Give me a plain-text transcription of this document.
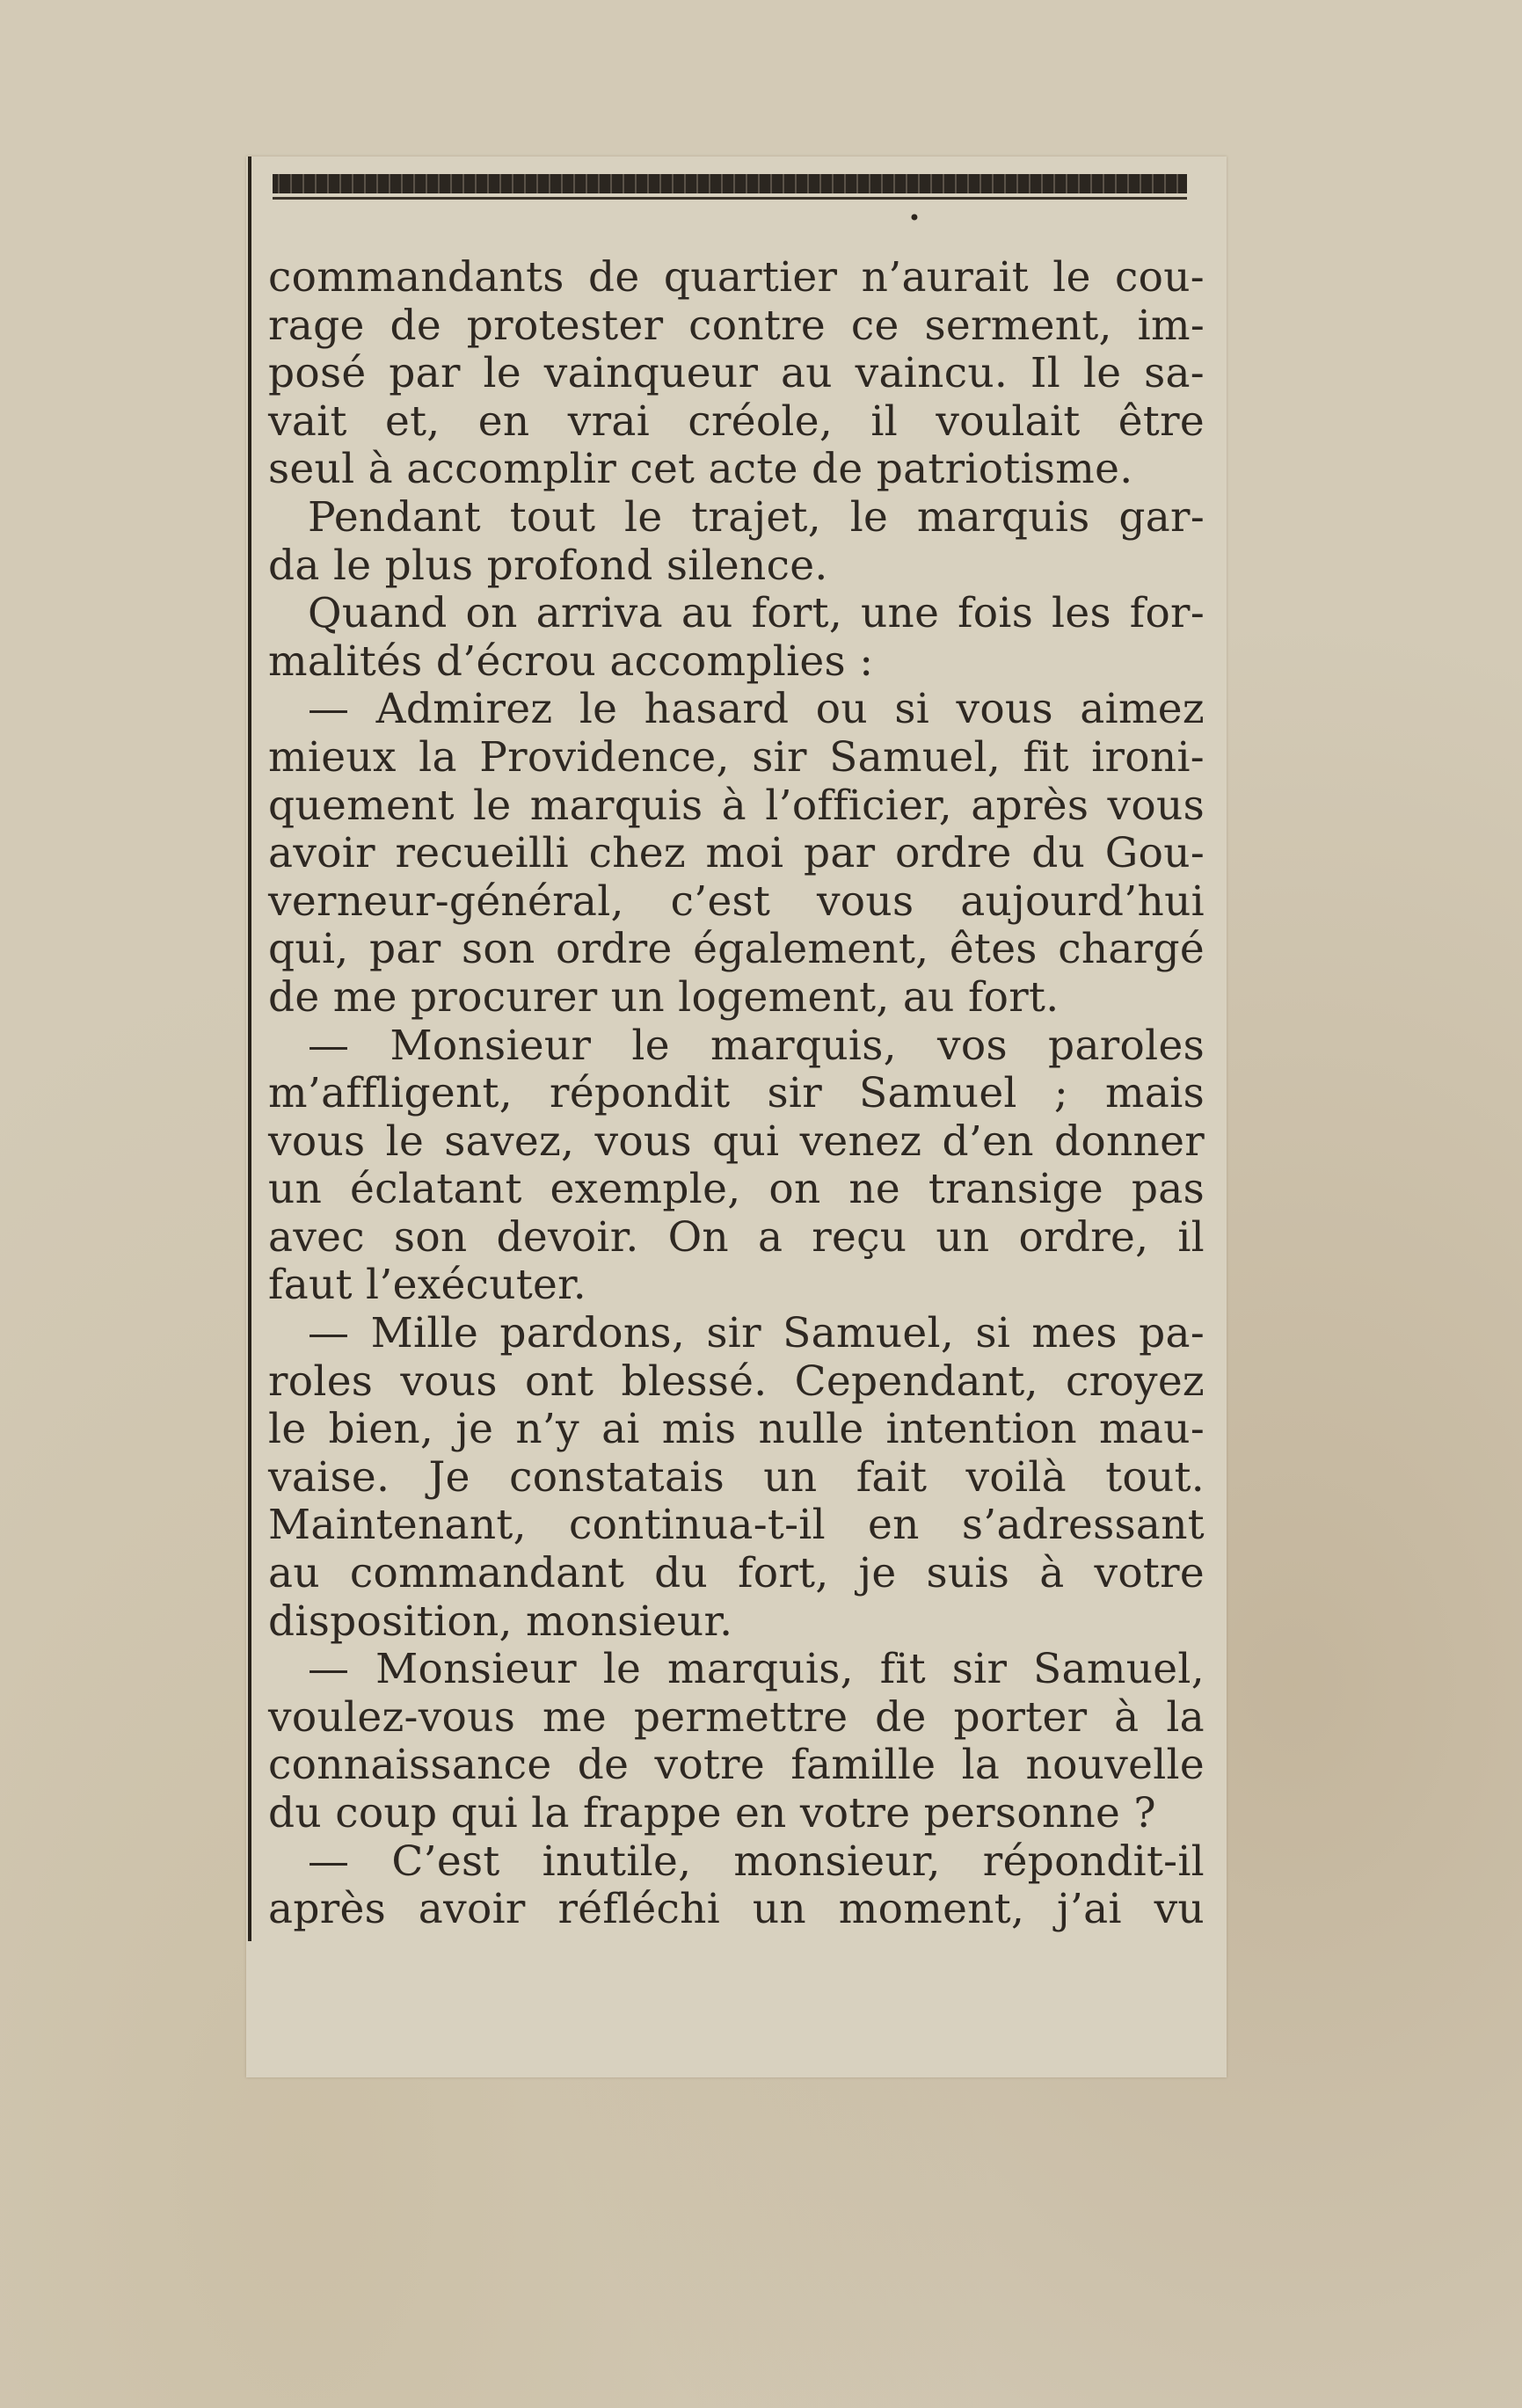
•
commandants de quartier n’aurait le cou-
rage de protester contre ce serment, im-
posé par le vainqueur au vaincu. Il le sa-
vait et, en vrai créole, il voulait être
seul à accomplir cet acte de patriotisme.
Pendant tout le trajet, le marquis gar-
da le plus profond silence.
Quand on arriva au fort, une fois les for-
malités d’écrou accomplies :
— Admirez le hasard ou si vous aimez
mieux la Providence, sir Samuel, fit ironi-
quement le marquis à l’officier, après vous
avoir recueilli chez moi par ordre du Gou-
verneur-général, c’est vous aujourd’hui
qui, par son ordre également, êtes chargé
de me procurer un logement, au fort.
— Monsieur le marquis, vos paroles
m’affligent, répondit sir Samuel ; mais
vous le savez, vous qui venez d’en donner
un éclatant exemple, on ne transige pas
avec son devoir. On a reçu un ordre, il
faut l’exécuter.
— Mille pardons, sir Samuel, si mes pa-
roles vous ont blessé. Cependant, croyez
le bien, je n’y ai mis nulle intention mau-
vaise. Je constatais un fait voilà tout.
Maintenant, continua-t-il en s’adressant
au commandant du fort, je suis à votre
disposition, monsieur.
— Monsieur le marquis, fit sir Samuel,
voulez-vous me permettre de porter à la
connaissance de votre famille la nouvelle
du coup qui la frappe en votre personne ?
— C’est inutile, monsieur, répondit-il
après avoir réfléchi un moment, j’ai vu
